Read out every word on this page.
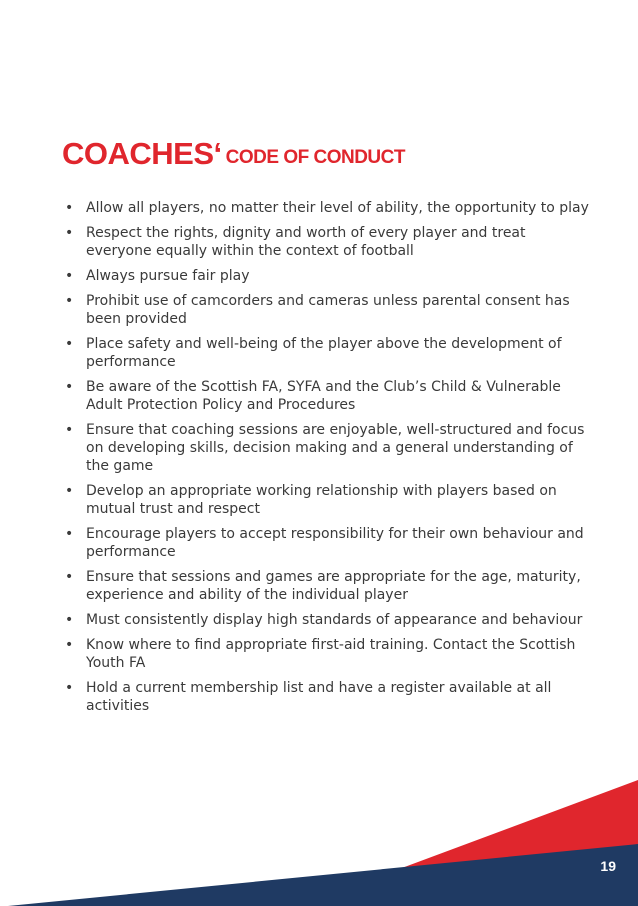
COACHES‘ CODE OF CONDUCT
• Allow all players, no matter their level of ability, the opportunity to play
• Respect the rights, dignity and worth of every player and treat everyone equally within the context of football
• Always pursue fair play
• Prohibit use of camcorders and cameras unless parental consent has been provided
• Place safety and well-being of the player above the development of performance
• Be aware of the Scottish FA, SYFA and the Club’s Child & Vulnerable Adult Protection Policy and Procedures
• Ensure that coaching sessions are enjoyable, well-structured and focus on developing skills, decision making and a general understanding of the game
• Develop an appropriate working relationship with players based on mutual trust and respect
• Encourage players to accept responsibility for their own behaviour and performance
• Ensure that sessions and games are appropriate for the age, maturity, experience and ability of the individual player
• Must consistently display high standards of appearance and behaviour
• Know where to find appropriate first-aid training. Contact the Scottish Youth FA
• Hold a current membership list and have a register available at all activities
19
